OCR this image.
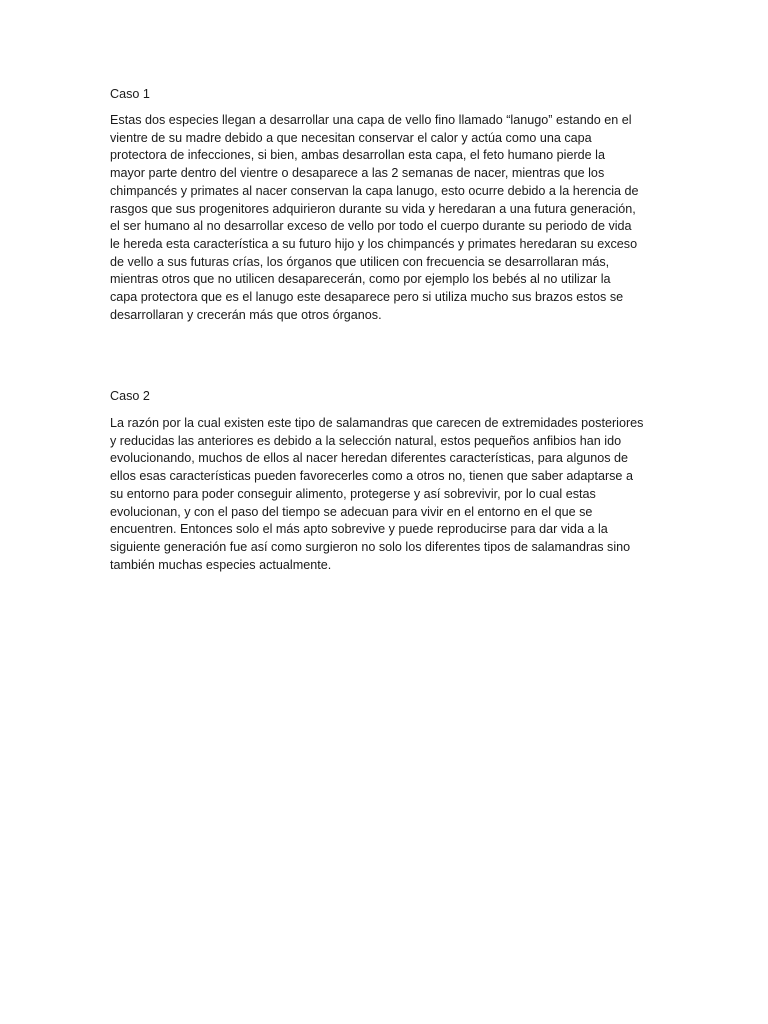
Caso 1

Estas dos especies llegan a desarrollar una capa de vello fino llamado “lanugo” estando en el
vientre de su madre debido a que necesitan conservar el calor y actúa como una capa
protectora de infecciones, si bien, ambas desarrollan esta capa, el feto humano pierde la
mayor parte dentro del vientre o desaparece a las 2 semanas de nacer, mientras que los
chimpancés y primates al nacer conservan la capa lanugo, esto ocurre debido a la herencia de
rasgos que sus progenitores adquirieron durante su vida y heredaran a una futura generación,
el ser humano al no desarrollar exceso de vello por todo el cuerpo durante su periodo de vida
le hereda esta característica a su futuro hijo y los chimpancés y primates heredaran su exceso
de vello a sus futuras crías, los órganos que utilicen con frecuencia se desarrollaran más,
mientras otros que no utilicen desaparecerán, como por ejemplo los bebés al no utilizar la
capa protectora que es el lanugo este desaparece pero si utiliza mucho sus brazos estos se
desarrollaran y crecerán más que otros órganos.

Caso 2

La razón por la cual existen este tipo de salamandras que carecen de extremidades posteriores
y reducidas las anteriores es debido a la selección natural, estos pequeños anfibios han ido
evolucionando, muchos de ellos al nacer heredan diferentes características, para algunos de
ellos esas características pueden favorecerles como a otros no, tienen que saber adaptarse a
su entorno para poder conseguir alimento, protegerse y así sobrevivir, por lo cual estas
evolucionan, y con el paso del tiempo se adecuan para vivir en el entorno en el que se
encuentren. Entonces solo el más apto sobrevive y puede reproducirse para dar vida a la
siguiente generación fue así como surgieron no solo los diferentes tipos de salamandras sino
también muchas especies actualmente.
